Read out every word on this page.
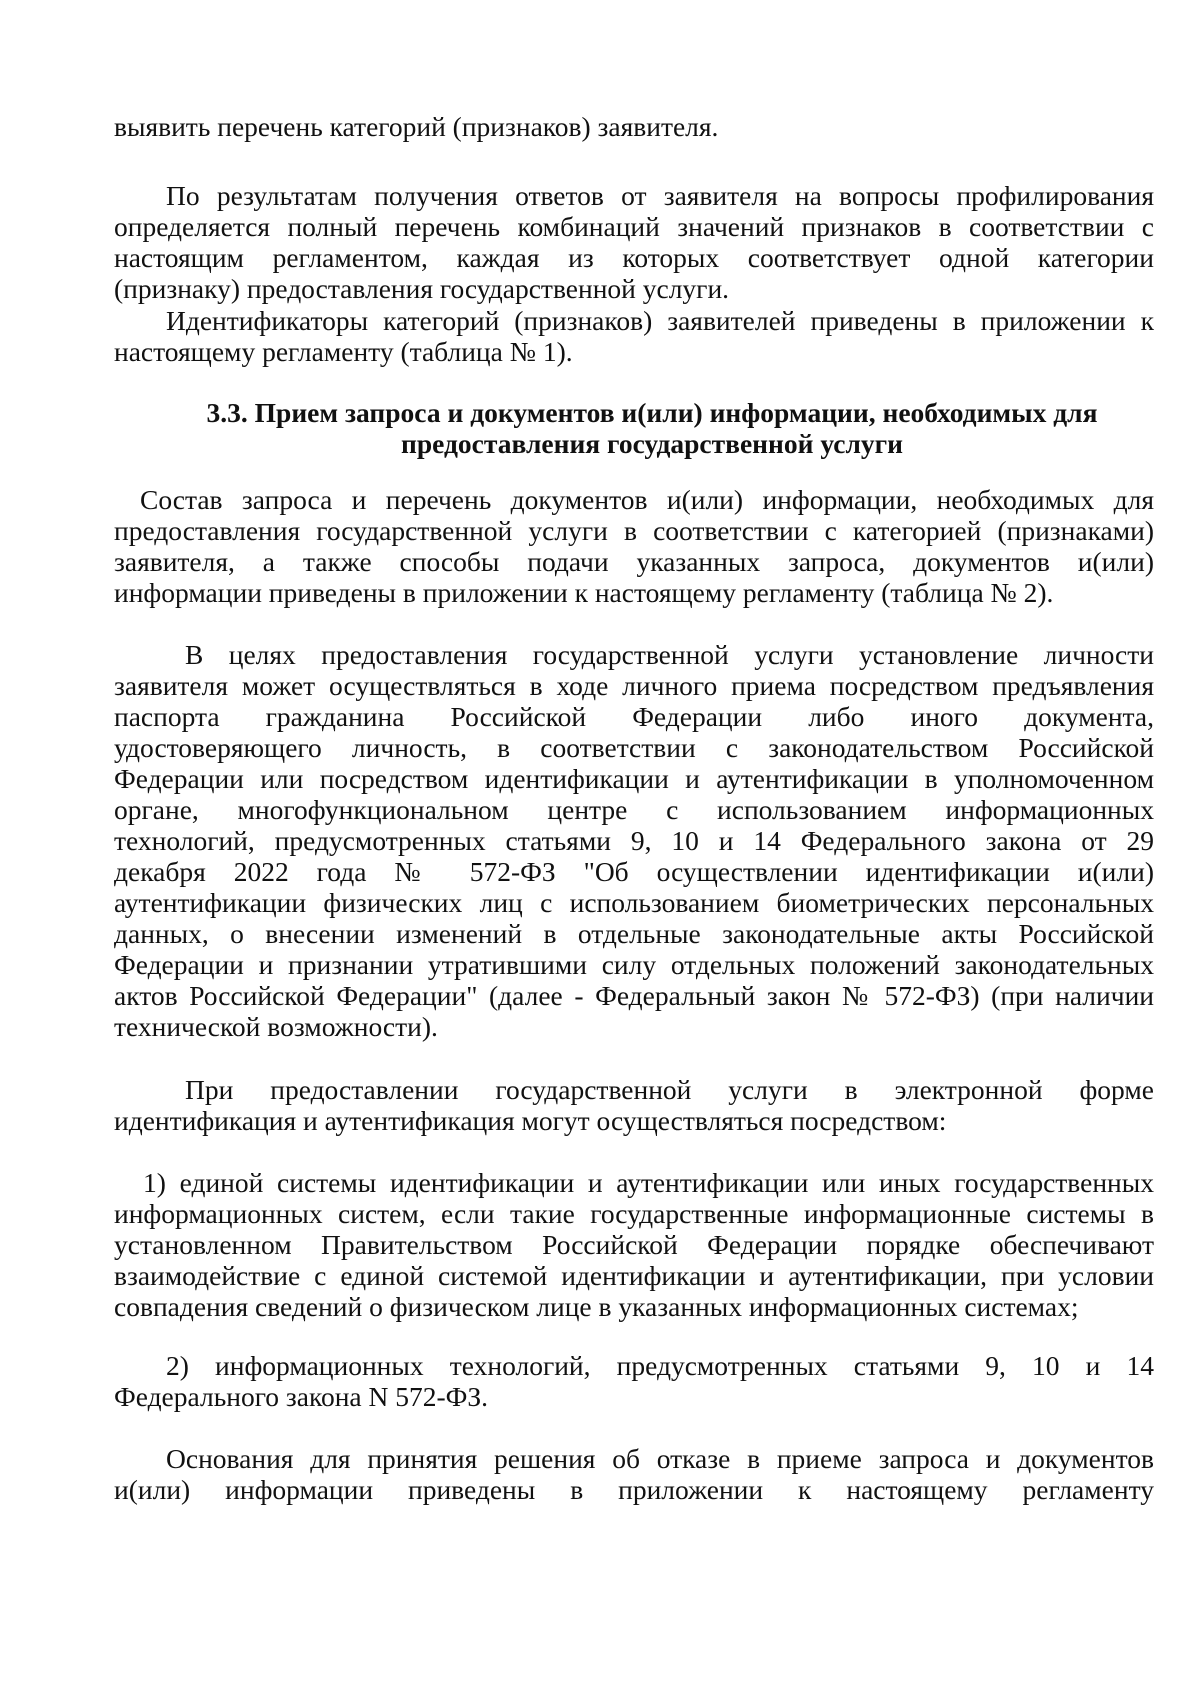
выявить перечень категорий (признаков) заявителя.
По результатам получения ответов от заявителя на вопросы профилирования
определяется полный перечень комбинаций значений признаков в соответствии с
настоящим регламентом, каждая из которых соответствует одной категории
(признаку) предоставления государственной услуги.
Идентификаторы категорий (признаков) заявителей приведены в приложении к
настоящему регламенту (таблица № 1).
3.3. Прием запроса и документов и(или) информации, необходимых для
предоставления государственной услуги
Состав запроса и перечень документов и(или) информации, необходимых для
предоставления государственной услуги в соответствии с категорией (признаками)
заявителя, а также способы подачи указанных запроса, документов и(или)
информации приведены в приложении к настоящему регламенту (таблица № 2).
В целях предоставления государственной услуги установление личности
заявителя может осуществляться в ходе личного приема посредством предъявления
паспорта гражданина Российской Федерации либо иного документа,
удостоверяющего личность, в соответствии с законодательством Российской
Федерации или посредством идентификации и аутентификации в уполномоченном
органе, многофункциональном центре с использованием информационных
технологий, предусмотренных статьями 9, 10 и 14 Федерального закона от 29
декабря 2022 года № 572-ФЗ "Об осуществлении идентификации и(или)
аутентификации физических лиц с использованием биометрических персональных
данных, о внесении изменений в отдельные законодательные акты Российской
Федерации и признании утратившими силу отдельных положений законодательных
актов Российской Федерации" (далее - Федеральный закон № 572-ФЗ) (при наличии
технической возможности).
При предоставлении государственной услуги в электронной форме
идентификация и аутентификация могут осуществляться посредством:
1) единой системы идентификации и аутентификации или иных государственных
информационных систем, если такие государственные информационные системы в
установленном Правительством Российской Федерации порядке обеспечивают
взаимодействие с единой системой идентификации и аутентификации, при условии
совпадения сведений о физическом лице в указанных информационных системах;
2) информационных технологий, предусмотренных статьями 9, 10 и 14
Федерального закона N 572-ФЗ.
Основания для принятия решения об отказе в приеме запроса и документов
и(или) информации приведены в приложении к настоящему регламенту
